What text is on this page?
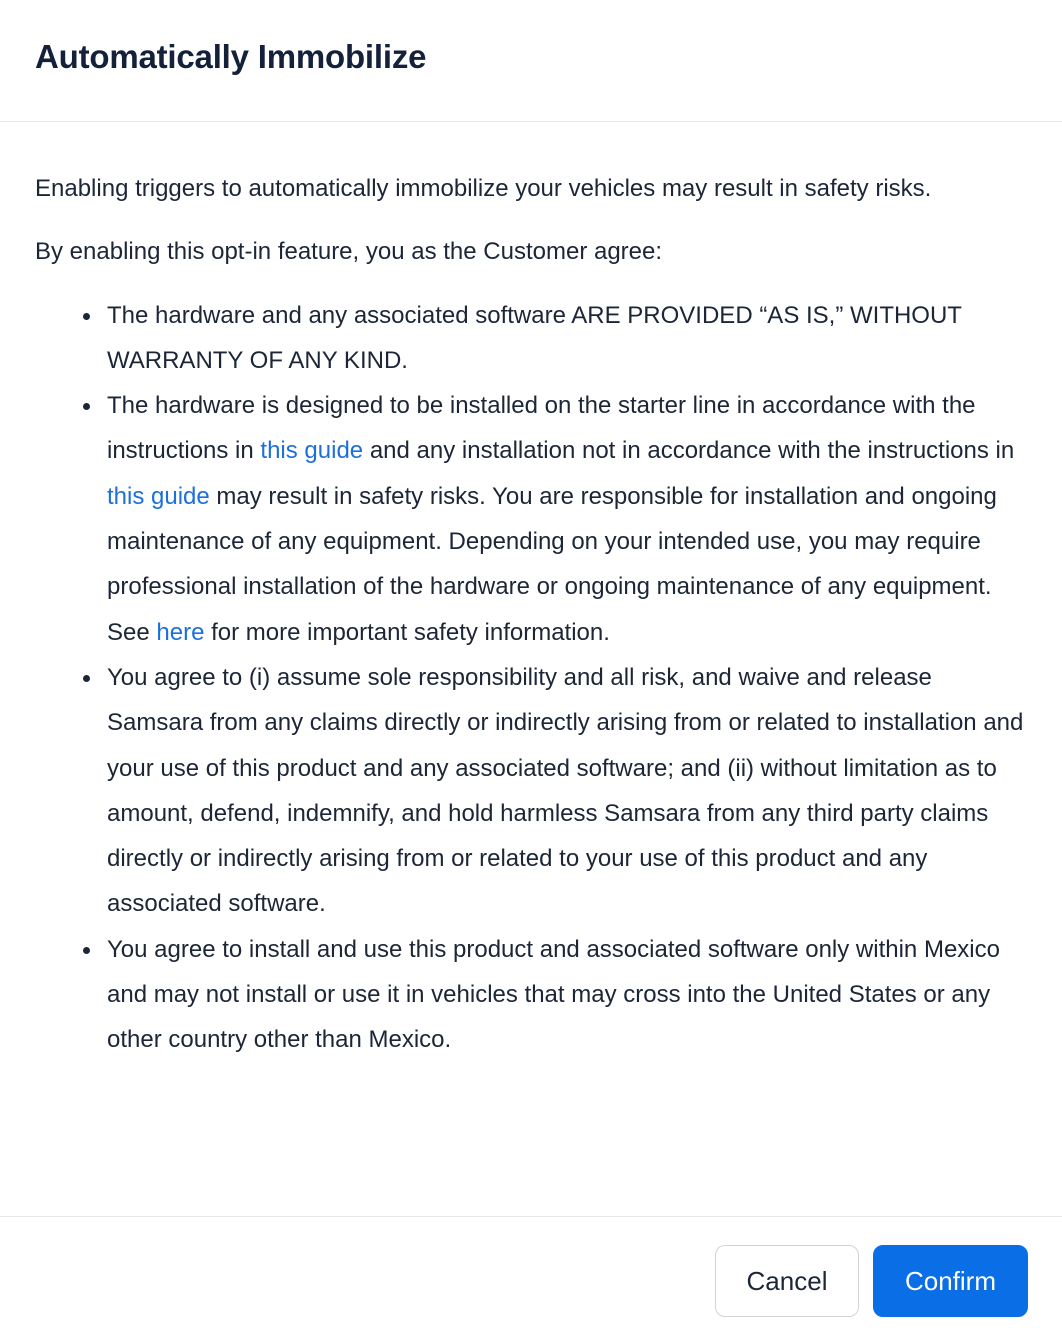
Automatically Immobilize

Enabling triggers to automatically immobilize your vehicles may result in safety risks.

By enabling this opt-in feature, you as the Customer agree:

The hardware and any associated software ARE PROVIDED “AS IS,” WITHOUT WARRANTY OF ANY KIND.
The hardware is designed to be installed on the starter line in accordance with the instructions in this guide and any installation not in accordance with the instructions in this guide may result in safety risks. You are responsible for installation and ongoing maintenance of any equipment. Depending on your intended use, you may require professional installation of the hardware or ongoing maintenance of any equipment. See here for more important safety information.
You agree to (i) assume sole responsibility and all risk, and waive and release Samsara from any claims directly or indirectly arising from or related to installation and your use of this product and any associated software; and (ii) without limitation as to amount, defend, indemnify, and hold harmless Samsara from any third party claims directly or indirectly arising from or related to your use of this product and any associated software.
You agree to install and use this product and associated software only within Mexico and may not install or use it in vehicles that may cross into the United States or any other country other than Mexico.
Cancel	Confirm
